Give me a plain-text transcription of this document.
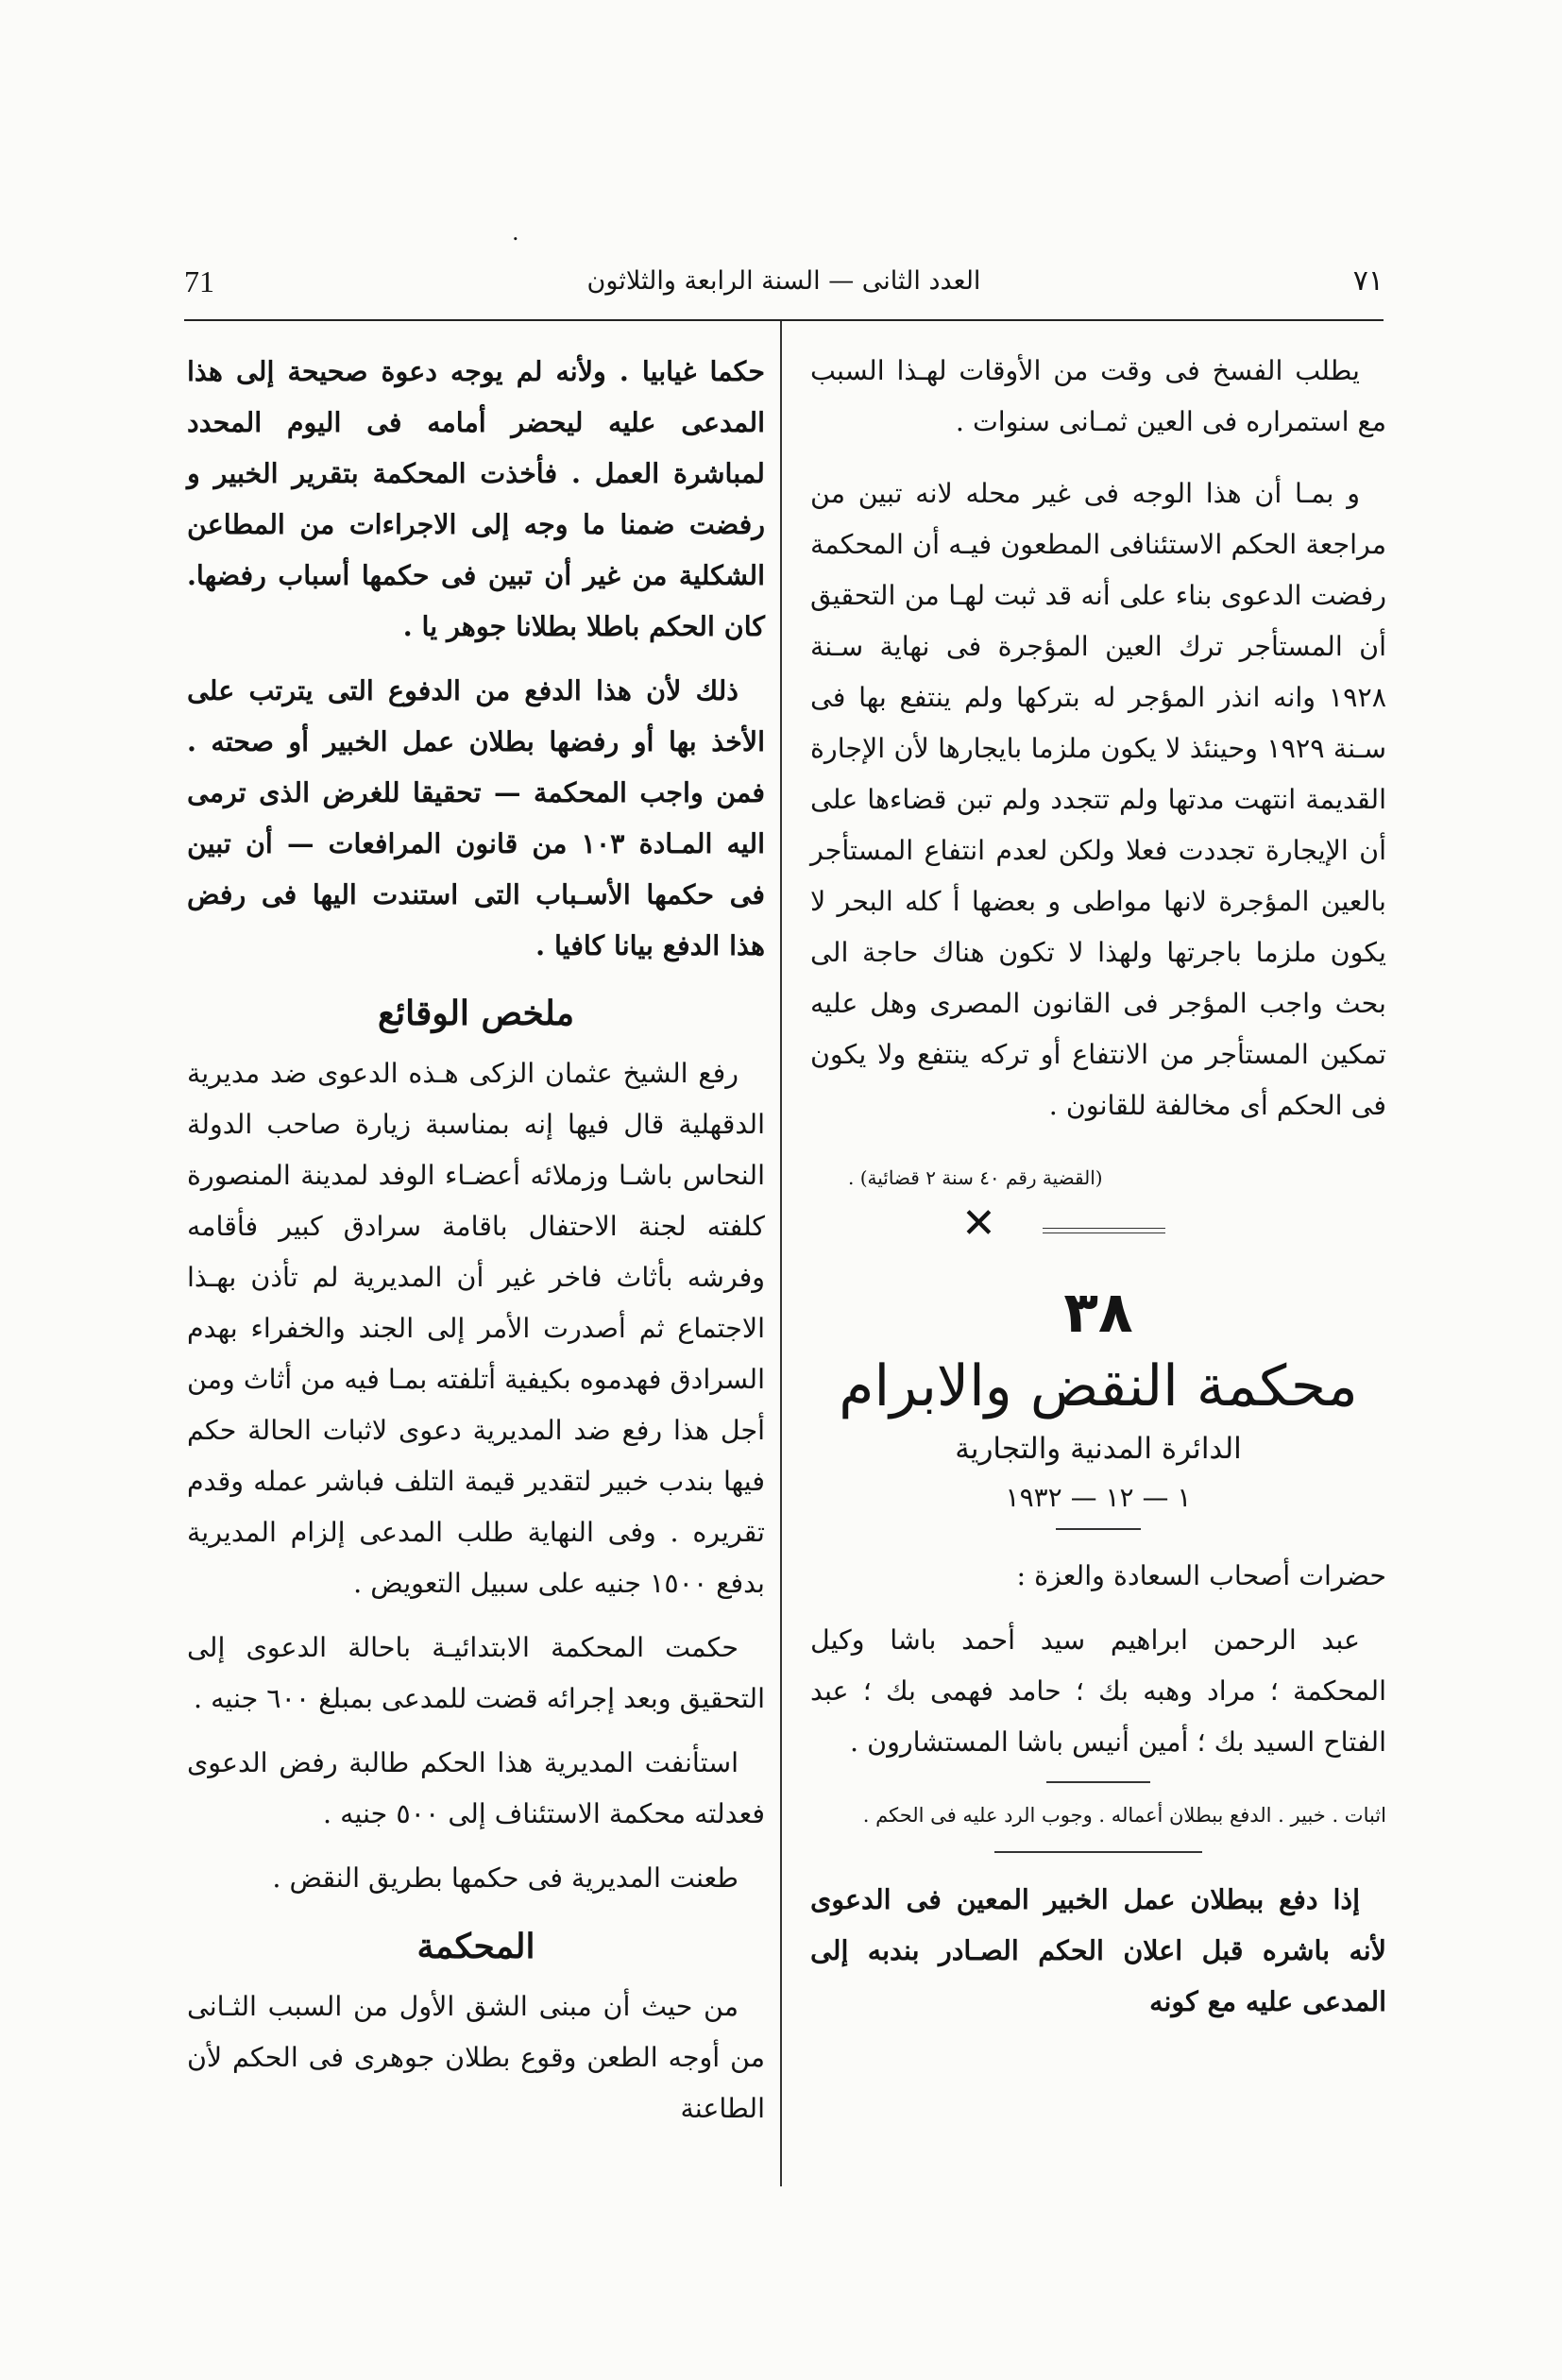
.
71	العدد الثانى — السنة الرابعة والثلاثون	٧١

يطلب الفسخ فى وقت من الأوقات لهـذا السبب مع استمراره فى العين ثمـانى سنوات .

و بمـا أن هذا الوجه فى غير محله لانه تبين من مراجعة الحكم الاستئنافى المطعون فيـه أن المحكمة رفضت الدعوى بناء على أنه قد ثبت لهـا من التحقيق أن المستأجر ترك العين المؤجرة فى نهاية سـنة ١٩٢٨ وانه انذر المؤجر له بتركها ولم ينتفع بها فى سـنة ١٩٢٩ وحينئذ لا يكون ملزما بايجارها لأن الإجارة القديمة انتهت مدتها ولم تتجدد ولم تبن قضاءها على أن الإيجارة تجددت فعلا ولكن لعدم انتفاع المستأجر بالعين المؤجرة لانها مواطى و بعضها أ كله البحر لا يكون ملزما باجرتها ولهذا لا تكون هناك حاجة الى بحث واجب المؤجر فى القانون المصرى وهل عليه تمكين المستأجر من الانتفاع أو تركه ينتفع ولا يكون فى الحكم أى مخالفة للقانون .

(القضية رقم ٤٠ سنة ٢ قضائية) .
✕
٣٨
محكمة النقض والابرام
الدائرة المدنية والتجارية
١ — ١٢ — ١٩٣٢

حضرات أصحاب السعادة والعزة :

عبد الرحمن ابراهيم سيد أحمد باشا وكيل المحكمة ؛ مراد وهبه بك ؛ حامد فهمى بك ؛ عبد الفتاح السيد بك ؛ أمين أنيس باشا المستشارون .

اثبات . خبير . الدفع ببطلان أعماله . وجوب الرد عليه فى الحكم .

إذا دفع ببطلان عمل الخبير المعين فى الدعوى لأنه باشره قبل اعلان الحكم الصـادر بندبه إلى المدعى عليه مع كونه

حكما غيابيا . ولأنه لم يوجه دعوة صحيحة إلى هذا المدعى عليه ليحضر أمامه فى اليوم المحدد لمباشرة العمل . فأخذت المحكمة بتقرير الخبير و رفضت ضمنا ما وجه إلى الاجراءات من المطاعن الشكلية من غير أن تبين فى حكمها أسباب رفضها. كان الحكم باطلا بطلانا جوهر يا .

ذلك لأن هذا الدفع من الدفوع التى يترتب على الأخذ بها أو رفضها بطلان عمل الخبير أو صحته . فمن واجب المحكمة — تحقيقا للغرض الذى ترمى اليه المـادة ١٠٣ من قانون المرافعات — أن تبين فى حكمها الأسـباب التى استندت اليها فى رفض هذا الدفع بيانا كافيا .

ملخص الوقائع

رفع الشيخ عثمان الزكى هـذه الدعوى ضد مديرية الدقهلية قال فيها إنه بمناسبة زيارة صاحب الدولة النحاس باشـا وزملائه أعضـاء الوفد لمدينة المنصورة كلفته لجنة الاحتفال باقامة سرادق كبير فأقامه وفرشه بأثاث فاخر غير أن المديرية لم تأذن بهـذا الاجتماع ثم أصدرت الأمر إلى الجند والخفراء بهدم السرادق فهدموه بكيفية أتلفته بمـا فيه من أثاث ومن أجل هذا رفع ضد المديرية دعوى لاثبات الحالة حكم فيها بندب خبير لتقدير قيمة التلف فباشر عمله وقدم تقريره . وفى النهاية طلب المدعى إلزام المديرية بدفع ١٥٠٠ جنيه على سبيل التعويض .

حكمت المحكمة الابتدائيـة باحالة الدعوى إلى التحقيق وبعد إجرائه قضت للمدعى بمبلغ ٦٠٠ جنيه .

استأنفت المديرية هذا الحكم طالبة رفض الدعوى فعدلته محكمة الاستئناف إلى ٥٠٠ جنيه .

طعنت المديرية فى حكمها بطريق النقض .

المحكمة

من حيث أن مبنى الشق الأول من السبب الثـانى من أوجه الطعن وقوع بطلان جوهرى فى الحكم لأن الطاعنة
